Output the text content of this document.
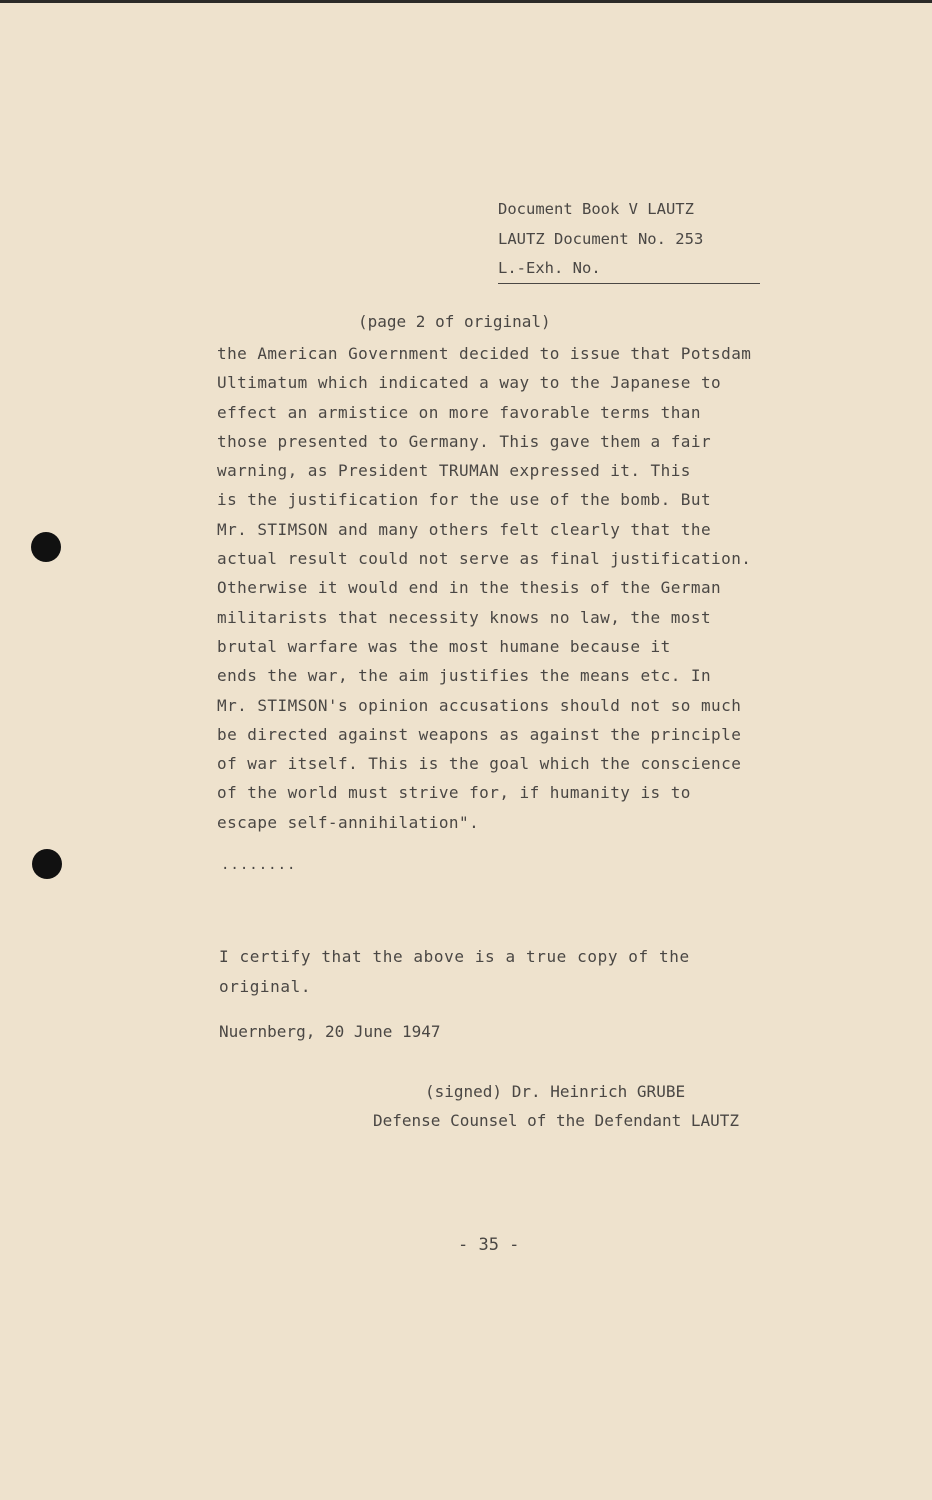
Document Book V LAUTZ
LAUTZ Document No. 253
L.-Exh. No.
(page 2 of original)
the American Government decided to issue that Potsdam
Ultimatum which indicated a way to the Japanese to
effect an armistice on more favorable terms than
those presented to Germany. This gave them a fair
warning, as President TRUMAN expressed it. This
is the justification for the use of the bomb. But
Mr. STIMSON and many others felt clearly that the
actual result could not serve as final justification.
Otherwise it would end in the thesis of the German
militarists that necessity knows no law, the most
brutal warfare was the most humane because it
ends the war, the aim justifies the means etc. In
Mr. STIMSON's opinion accusations should not so much
be directed against weapons as against the principle
of war itself. This is the goal which the conscience
of the world must strive for, if humanity is to
escape self-annihilation".
........
I certify that the above is a true copy of the
original.
Nuernberg, 20 June 1947
(signed) Dr. Heinrich GRUBE
Defense Counsel of the Defendant LAUTZ
- 35 -
